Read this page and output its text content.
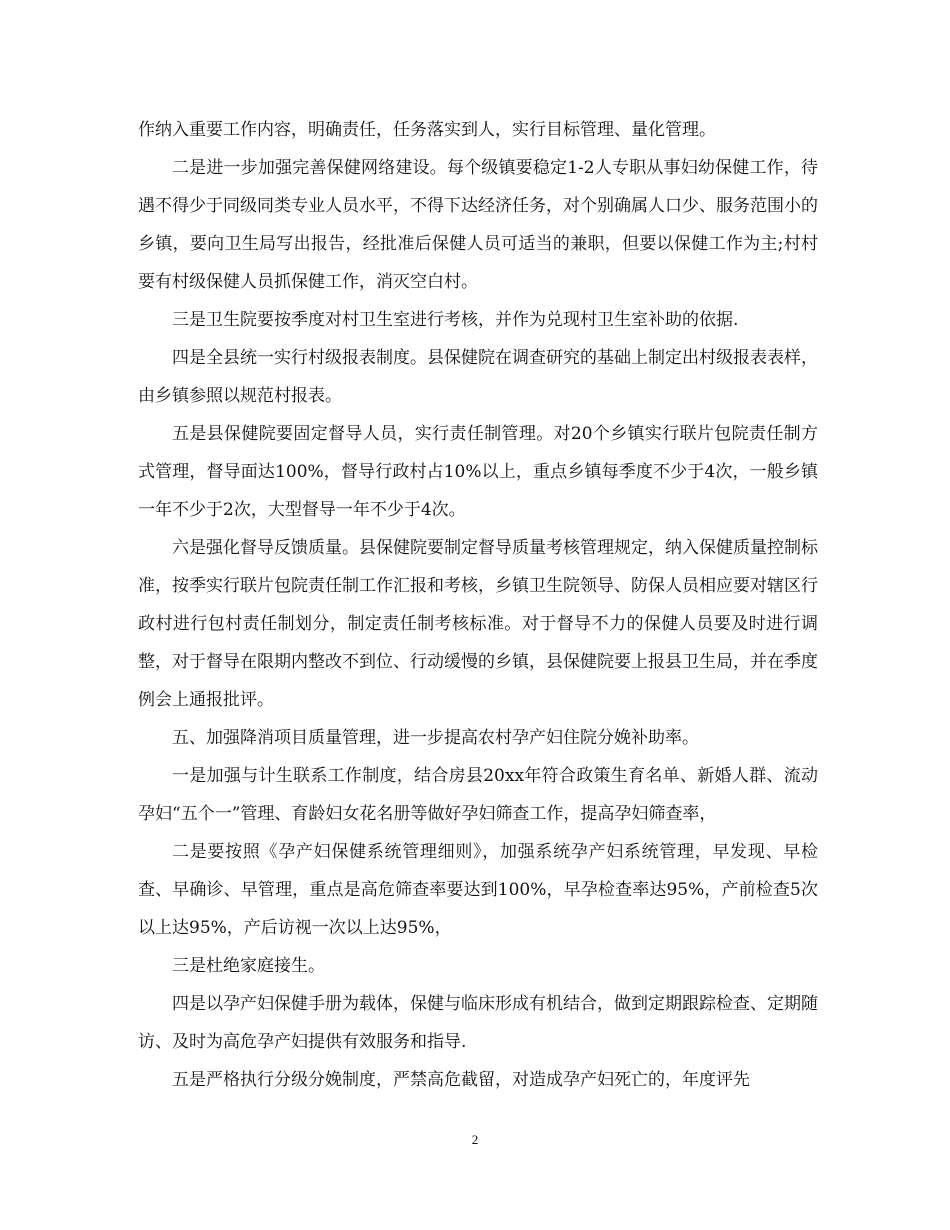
作纳入重要工作内容，明确责任，任务落实到人，实行目标管理、量化管理。

二是进一步加强完善保健网络建设。每个级镇要稳定1-2人专职从事妇幼保健工作，待遇不得少于同级同类专业人员水平，不得下达经济任务，对个别确属人口少、服务范围小的乡镇，要向卫生局写出报告，经批准后保健人员可适当的兼职，但要以保健工作为主;村村要有村级保健人员抓保健工作，消灭空白村。

三是卫生院要按季度对村卫生室进行考核，并作为兑现村卫生室补助的依据.

四是全县统一实行村级报表制度。县保健院在调查研究的基础上制定出村级报表表样，由乡镇参照以规范村报表。

五是县保健院要固定督导人员，实行责任制管理。对20个乡镇实行联片包院责任制方式管理，督导面达100%，督导行政村占10%以上，重点乡镇每季度不少于4次，一般乡镇一年不少于2次，大型督导一年不少于4次。

六是强化督导反馈质量。县保健院要制定督导质量考核管理规定，纳入保健质量控制标准，按季实行联片包院责任制工作汇报和考核，乡镇卫生院领导、防保人员相应要对辖区行政村进行包村责任制划分，制定责任制考核标准。对于督导不力的保健人员要及时进行调整，对于督导在限期内整改不到位、行动缓慢的乡镇，县保健院要上报县卫生局，并在季度例会上通报批评。

五、加强降消项目质量管理，进一步提高农村孕产妇住院分娩补助率。

一是加强与计生联系工作制度，结合房县20xx年符合政策生育名单、新婚人群、流动孕妇“五个一”管理、育龄妇女花名册等做好孕妇筛查工作，提高孕妇筛查率，

二是要按照《孕产妇保健系统管理细则》，加强系统孕产妇系统管理，早发现、早检查、早确诊、早管理，重点是高危筛查率要达到100%，早孕检查率达95%，产前检查5次以上达95%，产后访视一次以上达95%，

三是杜绝家庭接生。

四是以孕产妇保健手册为载体，保健与临床形成有机结合，做到定期跟踪检查、定期随访、及时为高危孕产妇提供有效服务和指导.

五是严格执行分级分娩制度，严禁高危截留，对造成孕产妇死亡的，年度评先

2
